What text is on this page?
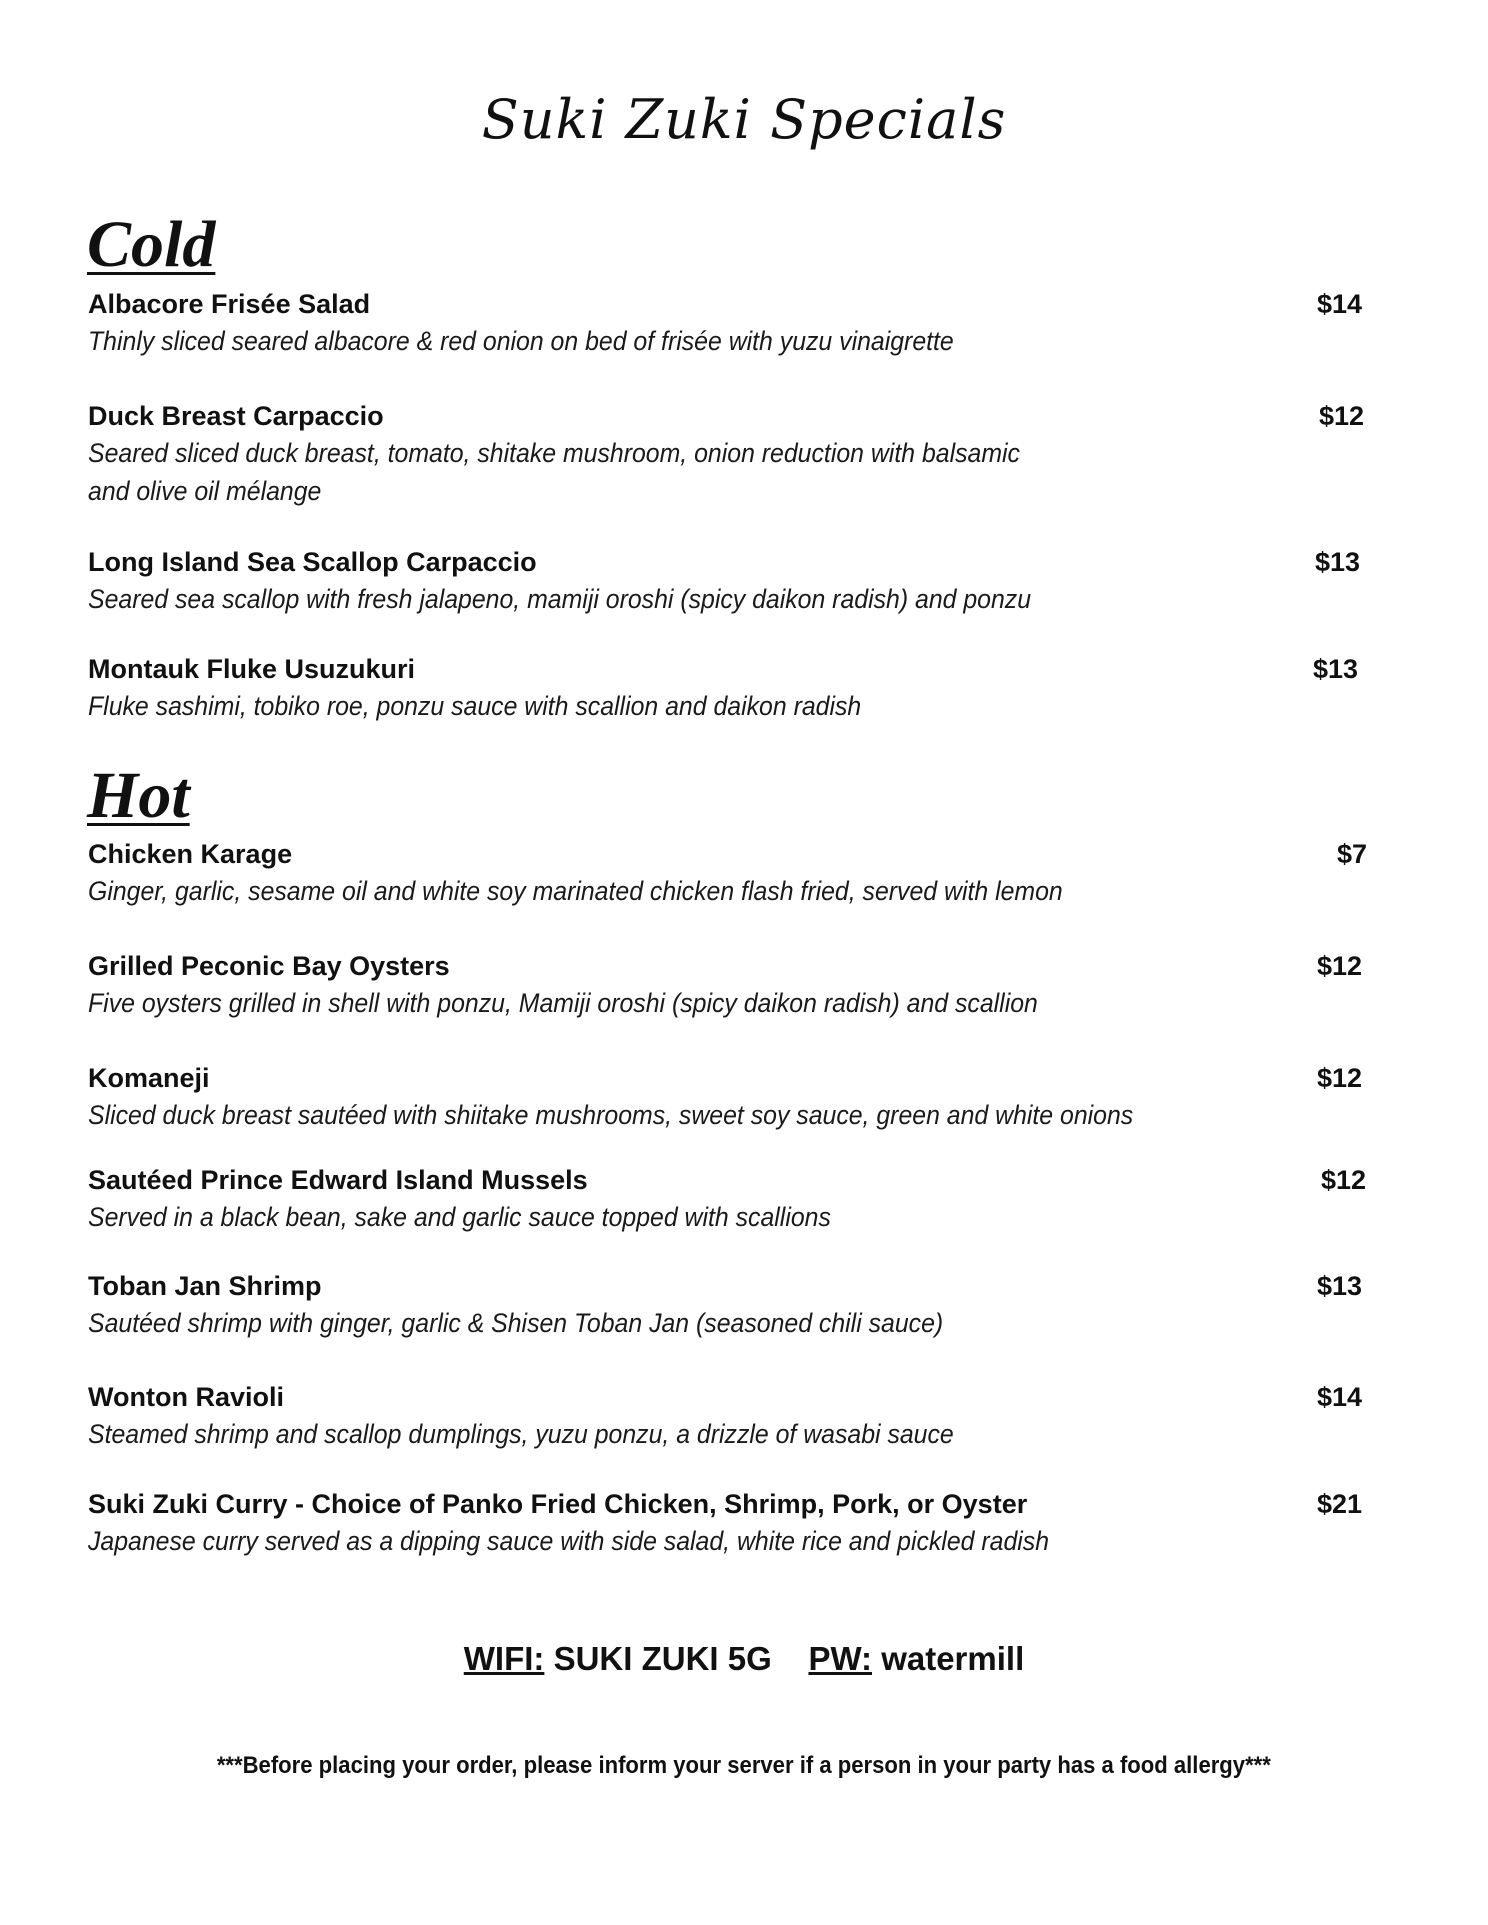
Suki Zuki Specials
Cold
Albacore Frisée Salad	$14
Thinly sliced seared albacore & red onion on bed of frisée with yuzu vinaigrette
Duck Breast Carpaccio	$12
Seared sliced duck breast, tomato, shitake mushroom, onion reduction with balsamic
and olive oil mélange
Long Island Sea Scallop Carpaccio	$13
Seared sea scallop with fresh jalapeno, mamiji oroshi (spicy daikon radish) and ponzu
Montauk Fluke Usuzukuri	$13
Fluke sashimi, tobiko roe, ponzu sauce with scallion and daikon radish
Hot
Chicken Karage	$7
Ginger, garlic, sesame oil and white soy marinated chicken flash fried, served with lemon
Grilled Peconic Bay Oysters	$12
Five oysters grilled in shell with ponzu, Mamiji oroshi (spicy daikon radish) and scallion
Komaneji	$12
Sliced duck breast sautéed with shiitake mushrooms, sweet soy sauce, green and white onions
Sautéed Prince Edward Island Mussels	$12
Served in a black bean, sake and garlic sauce topped with scallions
Toban Jan Shrimp	$13
Sautéed shrimp with ginger, garlic & Shisen Toban Jan (seasoned chili sauce)
Wonton Ravioli	$14
Steamed shrimp and scallop dumplings, yuzu ponzu, a drizzle of wasabi sauce
Suki Zuki Curry - Choice of Panko Fried Chicken, Shrimp, Pork, or Oyster	$21
Japanese curry served as a dipping sauce with side salad, white rice and pickled radish
WIFI: SUKI ZUKI 5G PW: watermill
***Before placing your order, please inform your server if a person in your party has a food allergy***
